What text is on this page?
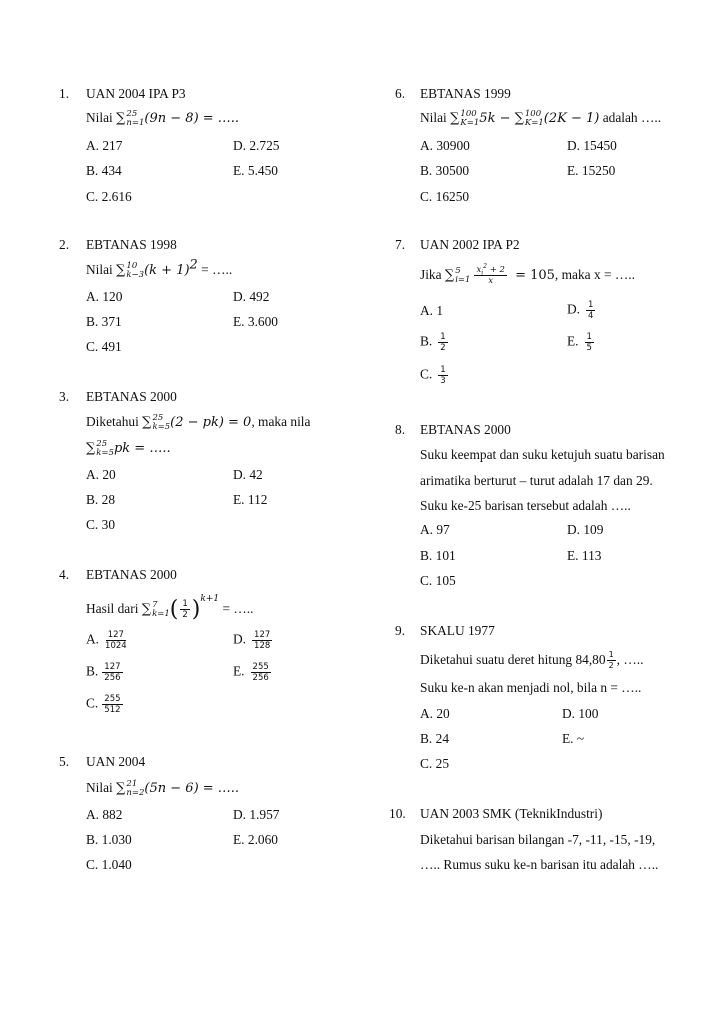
1. UAN 2004 IPA P3
Nilai ∑ 25
n=1 (9n − 8) = …..
A. 217
B. 434
C. 2.616
D. 2.725
E. 5.450
2. EBTANAS 1998
Nilai ∑ 10
k−3 $(k + 1)^2$ = …..
A. 120
B. 371
C. 491
D. 492
E. 3.600
3. EBTANAS 2000
Diketahui ∑ 25
k=5 (2 − pk) = 0, maka nila
∑ 25
k=5 pk = …..
A. 20
B. 28
C. 30
D. 42
E. 112
4. EBTANAS 2000
Hasil dari ∑ 7
k=1 ( $\frac{1}{2} )^{k+1}$ = …..
A. $\frac{127}{1024}$
B. $\frac{127}{256}$
C. $\frac{255}{512}$
D. $\frac{127}{128}$
E. $\frac{255}{256}$
5. UAN 2004
Nilai ∑ 21
n=2 (5n − 6) = …..
A. 882
B. 1.030
C. 1.040
D. 1.957
E. 2.060
6. EBTANAS 1999
Nilai ∑ 100
K=1 5k − ∑ 100
K=1 (2K − 1) adalah …..
A. 30900
B. 30500
C. 16250
D. 15450
E. 15250
7. UAN 2002 IPA P2
Jika ∑ 5
$i=1 \frac{x_i^2 + 2}{x} = 105$, maka x = …..
A. 1
B. $\frac{1}{2}$
C. $\frac{1}{3}$
D. $\frac{1}{4}$
E. $\frac{1}{5}$
8. EBTANAS 2000
Suku keempat dan suku ketujuh suatu barisan
arimatika berturut – turut adalah 17 dan 29.
Suku ke-25 barisan tersebut adalah …..
A. 97
B. 101
C. 105
D. 109
E. 113
9. SKALU 1977
Diketahui suatu deret hitung $84,80 \frac{1}{2}$ , …..
Suku ke-n akan menjadi nol, bila n = …..
A. 20
B. 24
C. 25
D. 100
E. ~
10. UAN 2003 SMK (TeknikIndustri)
Diketahui barisan bilangan -7, -11, -15, -19,
….. Rumus suku ke-n barisan itu adalah …..
